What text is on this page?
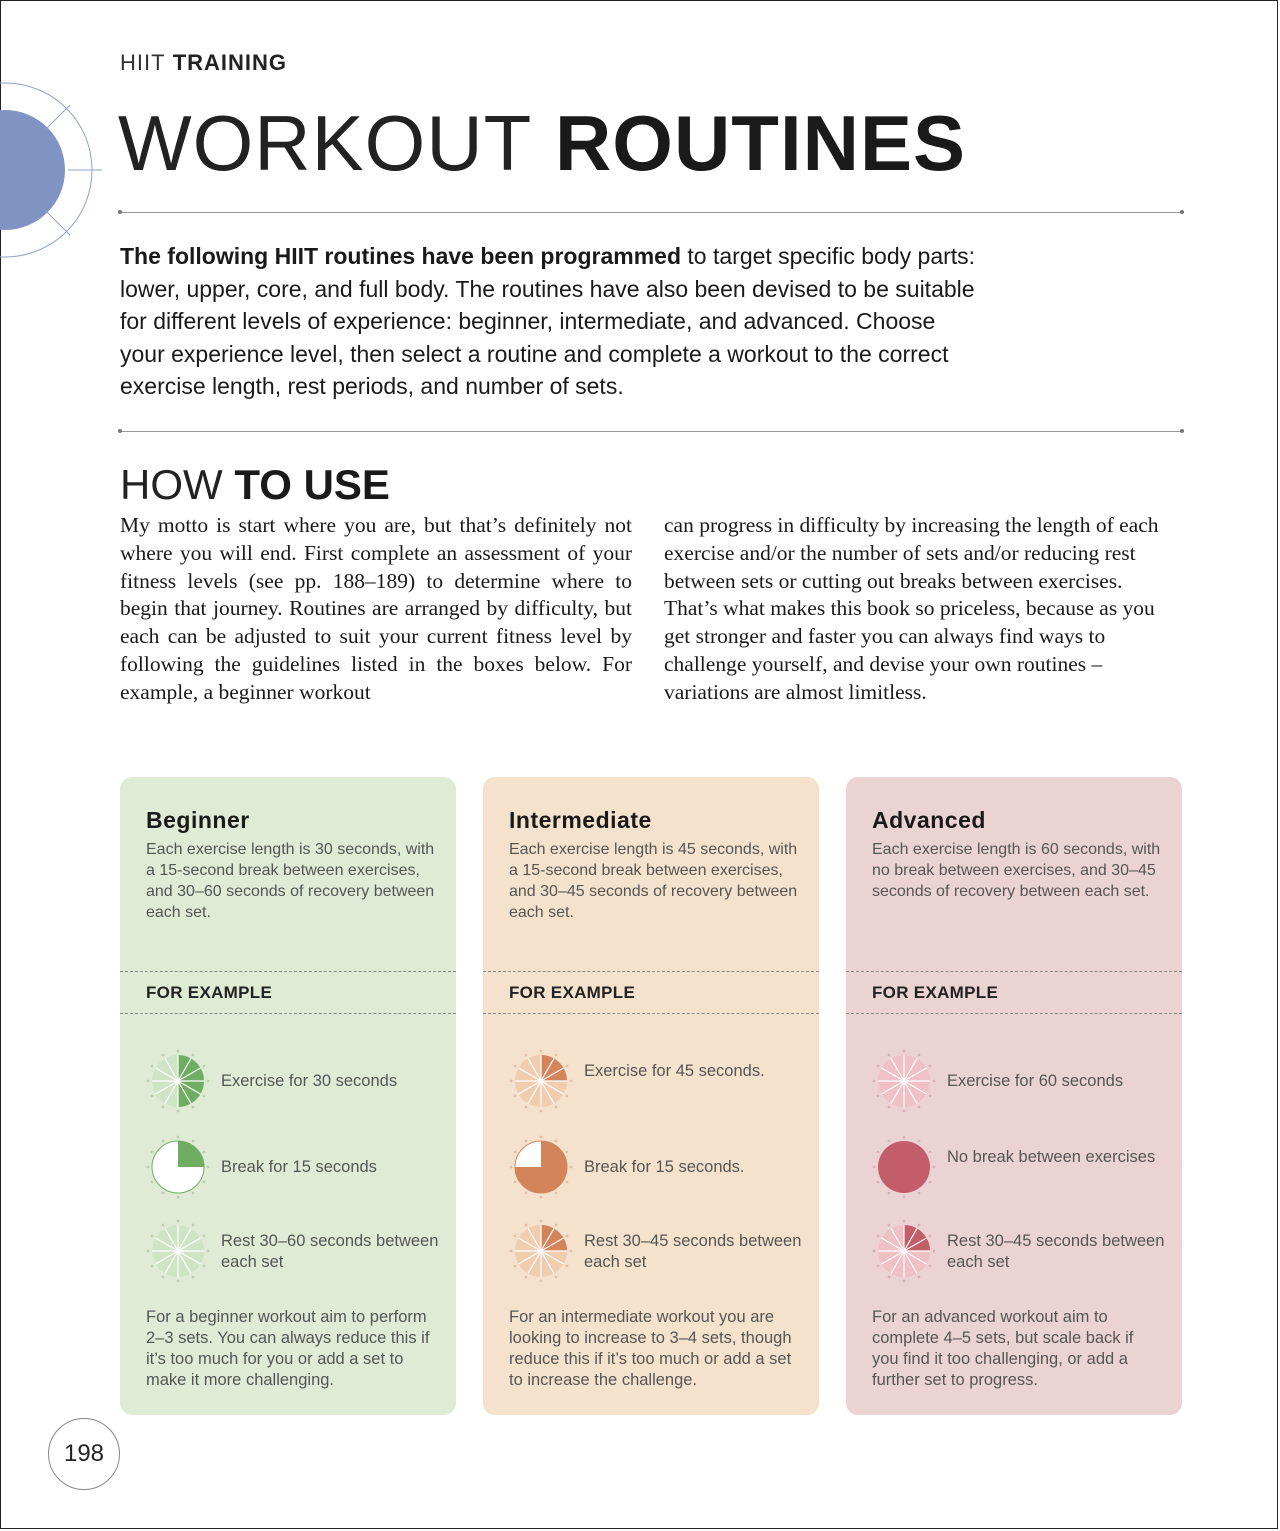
HIIT TRAINING
WORKOUT ROUTINES
The following HIIT routines have been programmed to target specific body parts: lower, upper, core, and full body. The routines have also been devised to be suitable for different levels of experience: beginner, intermediate, and advanced. Choose your experience level, then select a routine and complete a workout to the correct exercise length, rest periods, and number of sets.
HOW TO USE
My motto is start where you are, but that’s definitely not where you will end. First complete an assessment of your fitness levels (see pp. 188–189) to determine where to begin that journey. Routines are arranged by difficulty, but each can be adjusted to suit your current fitness level by following the guidelines listed in the boxes below. For example, a beginner workout
can progress in difficulty by increasing the length of each exercise and/or the number of sets and/or reducing rest between sets or cutting out breaks between exercises. That’s what makes this book so priceless, because as you get stronger and faster you can always find ways to challenge yourself, and devise your own routines – variations are almost limitless.
Beginner
Each exercise length is 30 seconds, with a 15-second break between exercises, and 30–60 seconds of recovery between each set.
FOR EXAMPLE
Exercise for 30 seconds
Break for 15 seconds
Rest 30–60 seconds between each set
For a beginner workout aim to perform 2–3 sets. You can always reduce this if it’s too much for you or add a set to make it more challenging.
Intermediate
Each exercise length is 45 seconds, with a 15-second break between exercises, and 30–45 seconds of recovery between each set.
FOR EXAMPLE
Exercise for 45 seconds.
Break for 15 seconds.
Rest 30–45 seconds between each set
For an intermediate workout you are looking to increase to 3–4 sets, though reduce this if it’s too much or add a set to increase the challenge.
Advanced
Each exercise length is 60 seconds, with no break between exercises, and 30–45 seconds of recovery between each set.
FOR EXAMPLE
Exercise for 60 seconds
No break between exercises
Rest 30–45 seconds between each set
For an advanced workout aim to complete 4–5 sets, but scale back if you find it too challenging, or add a further set to progress.
198
